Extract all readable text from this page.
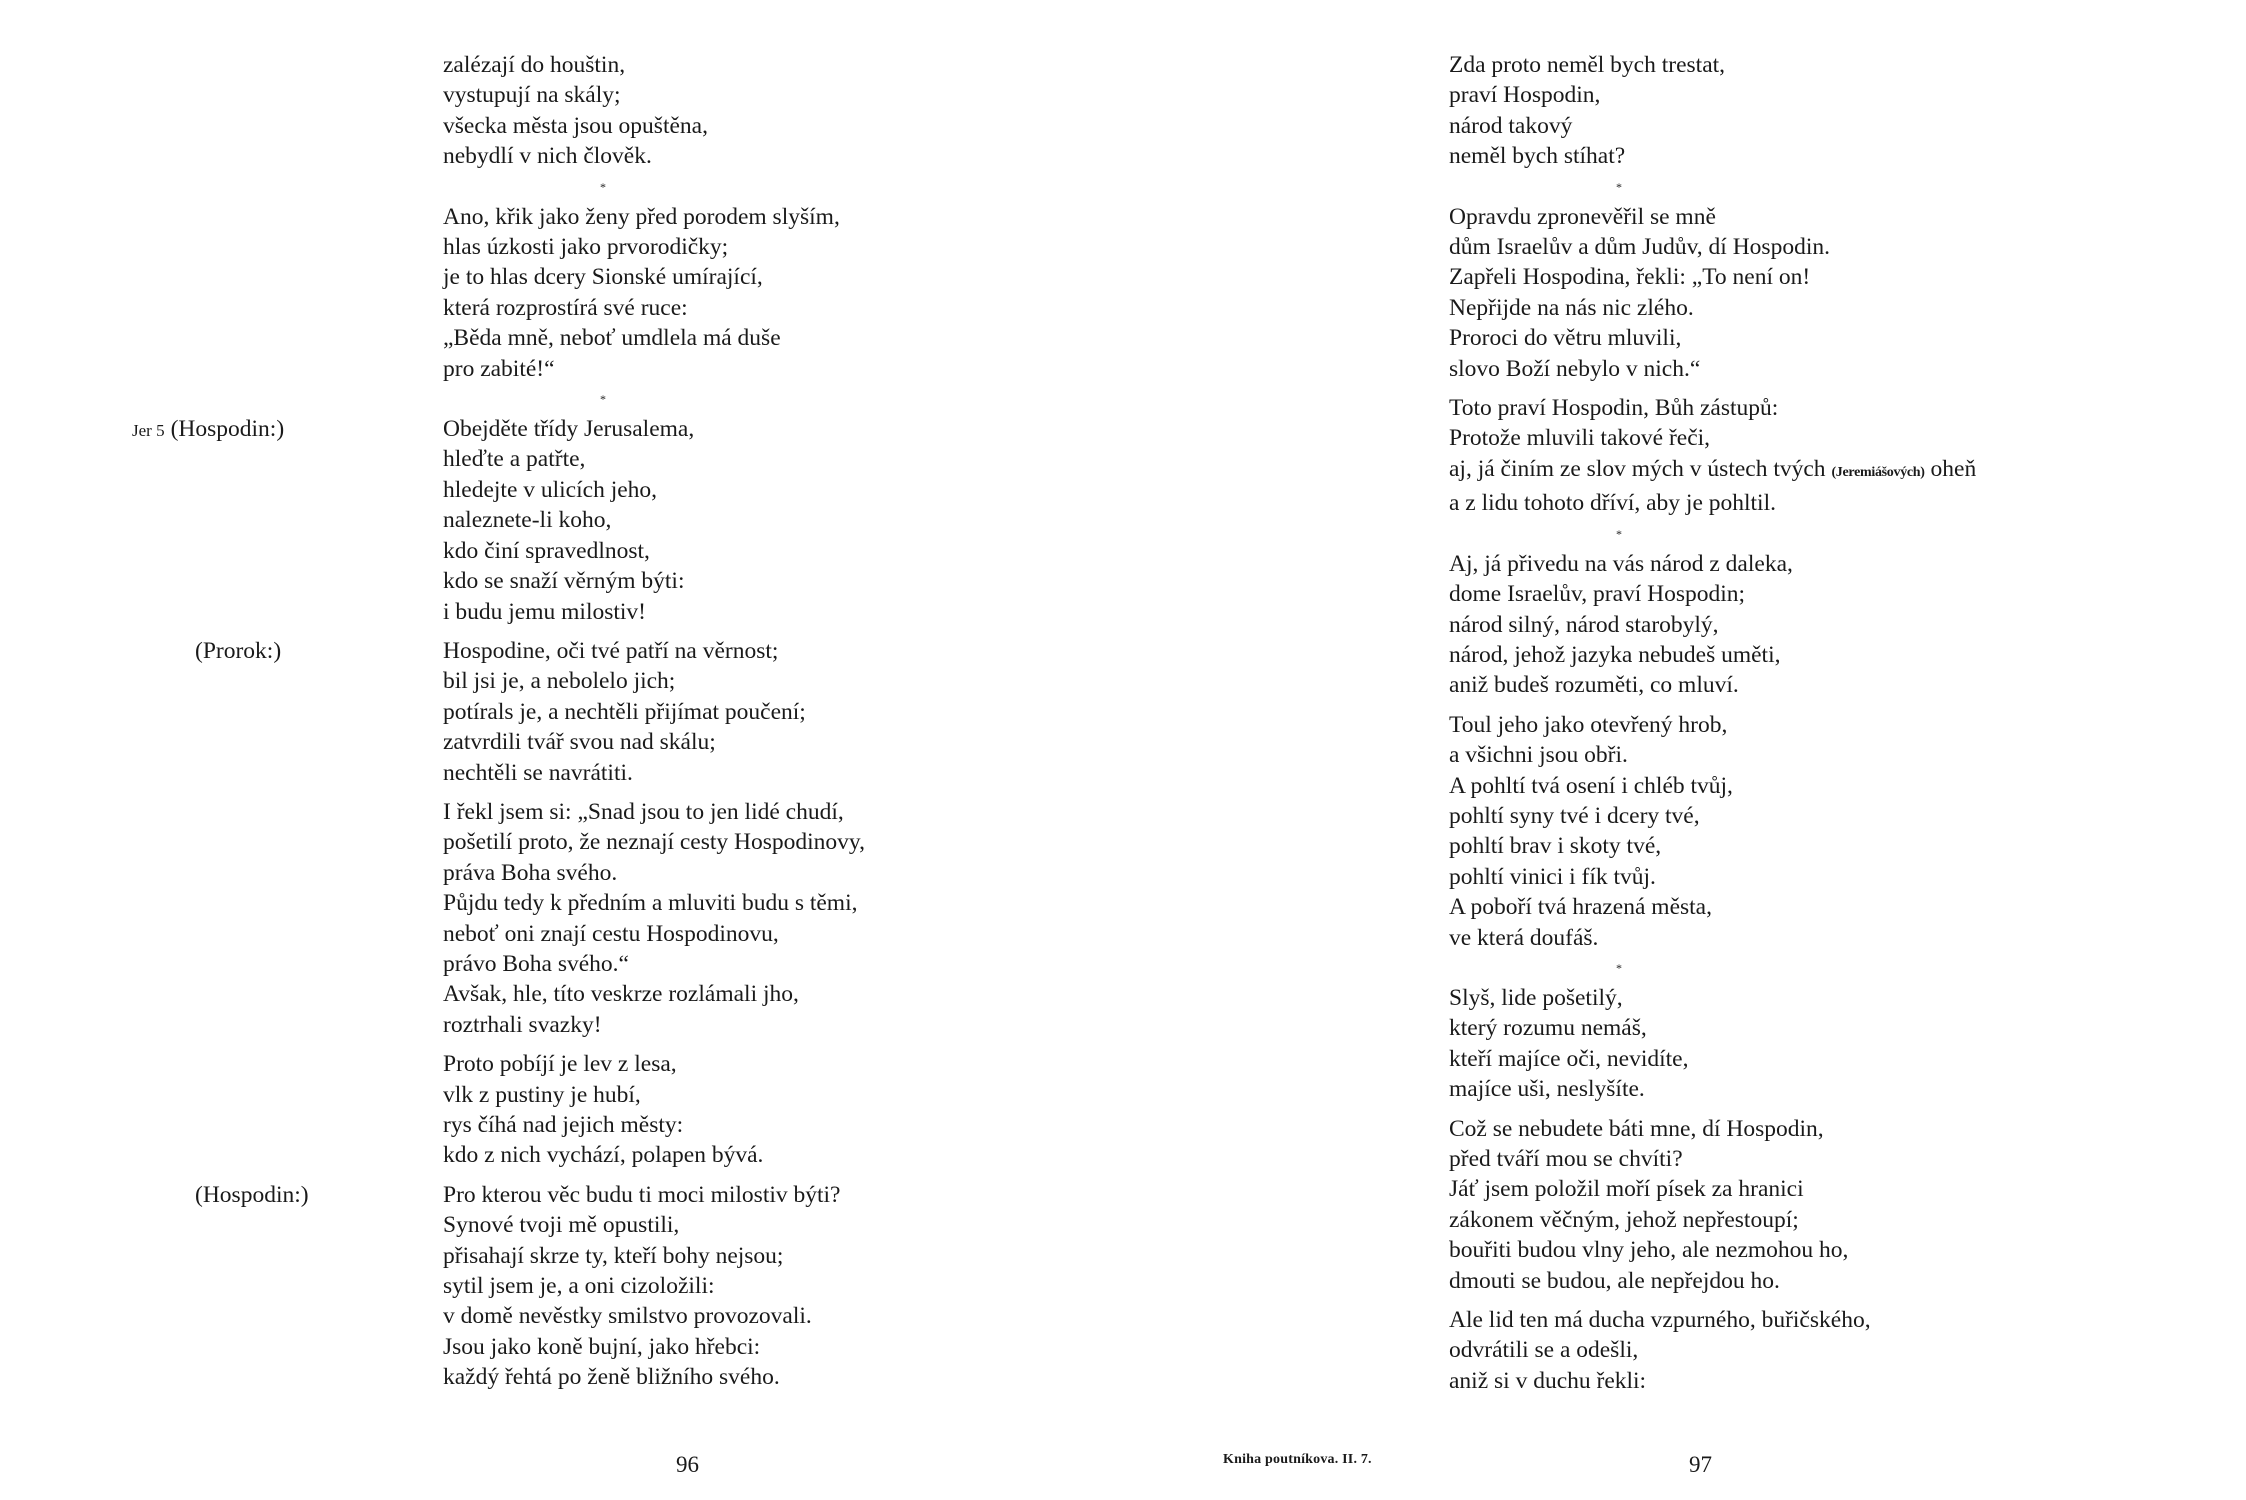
Jer 5 (Hospodin:)
(Prorok:)
(Hospodin:)
zalézají do houštin,
vystupují na skály;
všecka města jsou opuštěna,
nebydlí v nich člověk.
*
Ano, křik jako ženy před porodem slyším,
hlas úzkosti jako prvorodičky;
je to hlas dcery Sionské umírající,
která rozprostírá své ruce:
„Běda mně, neboť umdlela má duše
pro zabité!“
*
Obejděte třídy Jerusalema,
hleďte a patřte,
hledejte v ulicích jeho,
naleznete-li koho,
kdo činí spravedlnost,
kdo se snaží věrným býti:
i budu jemu milostiv!
Hospodine, oči tvé patří na věrnost;
bil jsi je, a nebolelo jich;
potírals je, a nechtěli přijímat poučení;
zatvrdili tvář svou nad skálu;
nechtěli se navrátiti.
I řekl jsem si: „Snad jsou to jen lidé chudí,
pošetilí proto, že neznají cesty Hospodinovy,
práva Boha svého.
Půjdu tedy k předním a mluviti budu s těmi,
neboť oni znají cestu Hospodinovu,
právo Boha svého.“
Avšak, hle, títo veskrze rozlámali jho,
roztrhali svazky!
Proto pobíjí je lev z lesa,
vlk z pustiny je hubí,
rys číhá nad jejich městy:
kdo z nich vychází, polapen bývá.
Pro kterou věc budu ti moci milostiv býti?
Synové tvoji mě opustili,
přisahají skrze ty, kteří bohy nejsou;
sytil jsem je, a oni cizoložili:
v domě nevěstky smilstvo provozovali.
Jsou jako koně bujní, jako hřebci:
každý řehtá po ženě bližního svého.
96
Zda proto neměl bych trestat,
praví Hospodin,
národ takový
neměl bych stíhat?
*
Opravdu zpronevěřil se mně
dům Israelův a dům Judův, dí Hospodin.
Zapřeli Hospodina, řekli: „To není on!
Nepřijde na nás nic zlého.
Proroci do větru mluvili,
slovo Boží nebylo v nich.“
Toto praví Hospodin, Bůh zástupů:
Protože mluvili takové řeči,
aj, já činím ze slov mých v ústech tvých (Jeremiášových) oheň
a z lidu tohoto dříví, aby je pohltil.
*
Aj, já přivedu na vás národ z daleka,
dome Israelův, praví Hospodin;
národ silný, národ starobylý,
národ, jehož jazyka nebudeš uměti,
aniž budeš rozuměti, co mluví.
Toul jeho jako otevřený hrob,
a všichni jsou obři.
A pohltí tvá osení i chléb tvůj,
pohltí syny tvé i dcery tvé,
pohltí brav i skoty tvé,
pohltí vinici i fík tvůj.
A poboří tvá hrazená města,
ve která doufáš.
*
Slyš, lide pošetilý,
který rozumu nemáš,
kteří majíce oči, nevidíte,
majíce uši, neslyšíte.
Což se nebudete báti mne, dí Hospodin,
před tváří mou se chvíti?
Jáť jsem položil moří písek za hranici
zákonem věčným, jehož nepřestoupí;
bouřiti budou vlny jeho, ale nezmohou ho,
dmouti se budou, ale nepřejdou ho.
Ale lid ten má ducha vzpurného, buřičského,
odvrátili se a odešli,
aniž si v duchu řekli:
Kniha poutníkova. II. 7.	97
